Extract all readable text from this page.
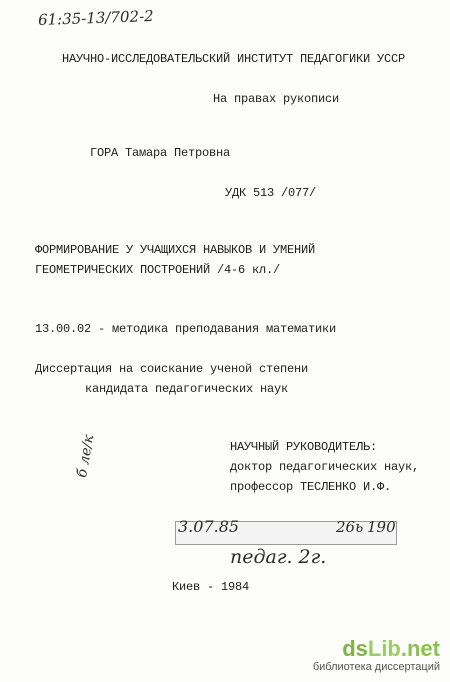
61:35-13/702-2
НАУЧНО-ИССЛЕДОВАТЕЛЬСКИЙ ИНСТИТУТ ПЕДАГОГИКИ УССР
На правах рукописи
ГОРА Тамара Петровна
УДК 513 /077/
ФОРМИРОВАНИЕ У УЧАЩИХСЯ НАВЫКОВ И УМЕНИЙ
ГЕОМЕТРИЧЕСКИХ ПОСТРОЕНИЙ /4-6 кл./
13.00.02 - методика преподавания математики
Диссертация на соискание ученой степени
кандидата педагогических наук
НАУЧНЫЙ РУКОВОДИТЕЛЬ:
доктор педагогических наук,
профессор ТЕСЛЕНКО И.Ф.
б ле/к
3.07.85	26ь 190
педаг. 2г.
Киев - 1984
dsLib.net
библиотека диссертаций
